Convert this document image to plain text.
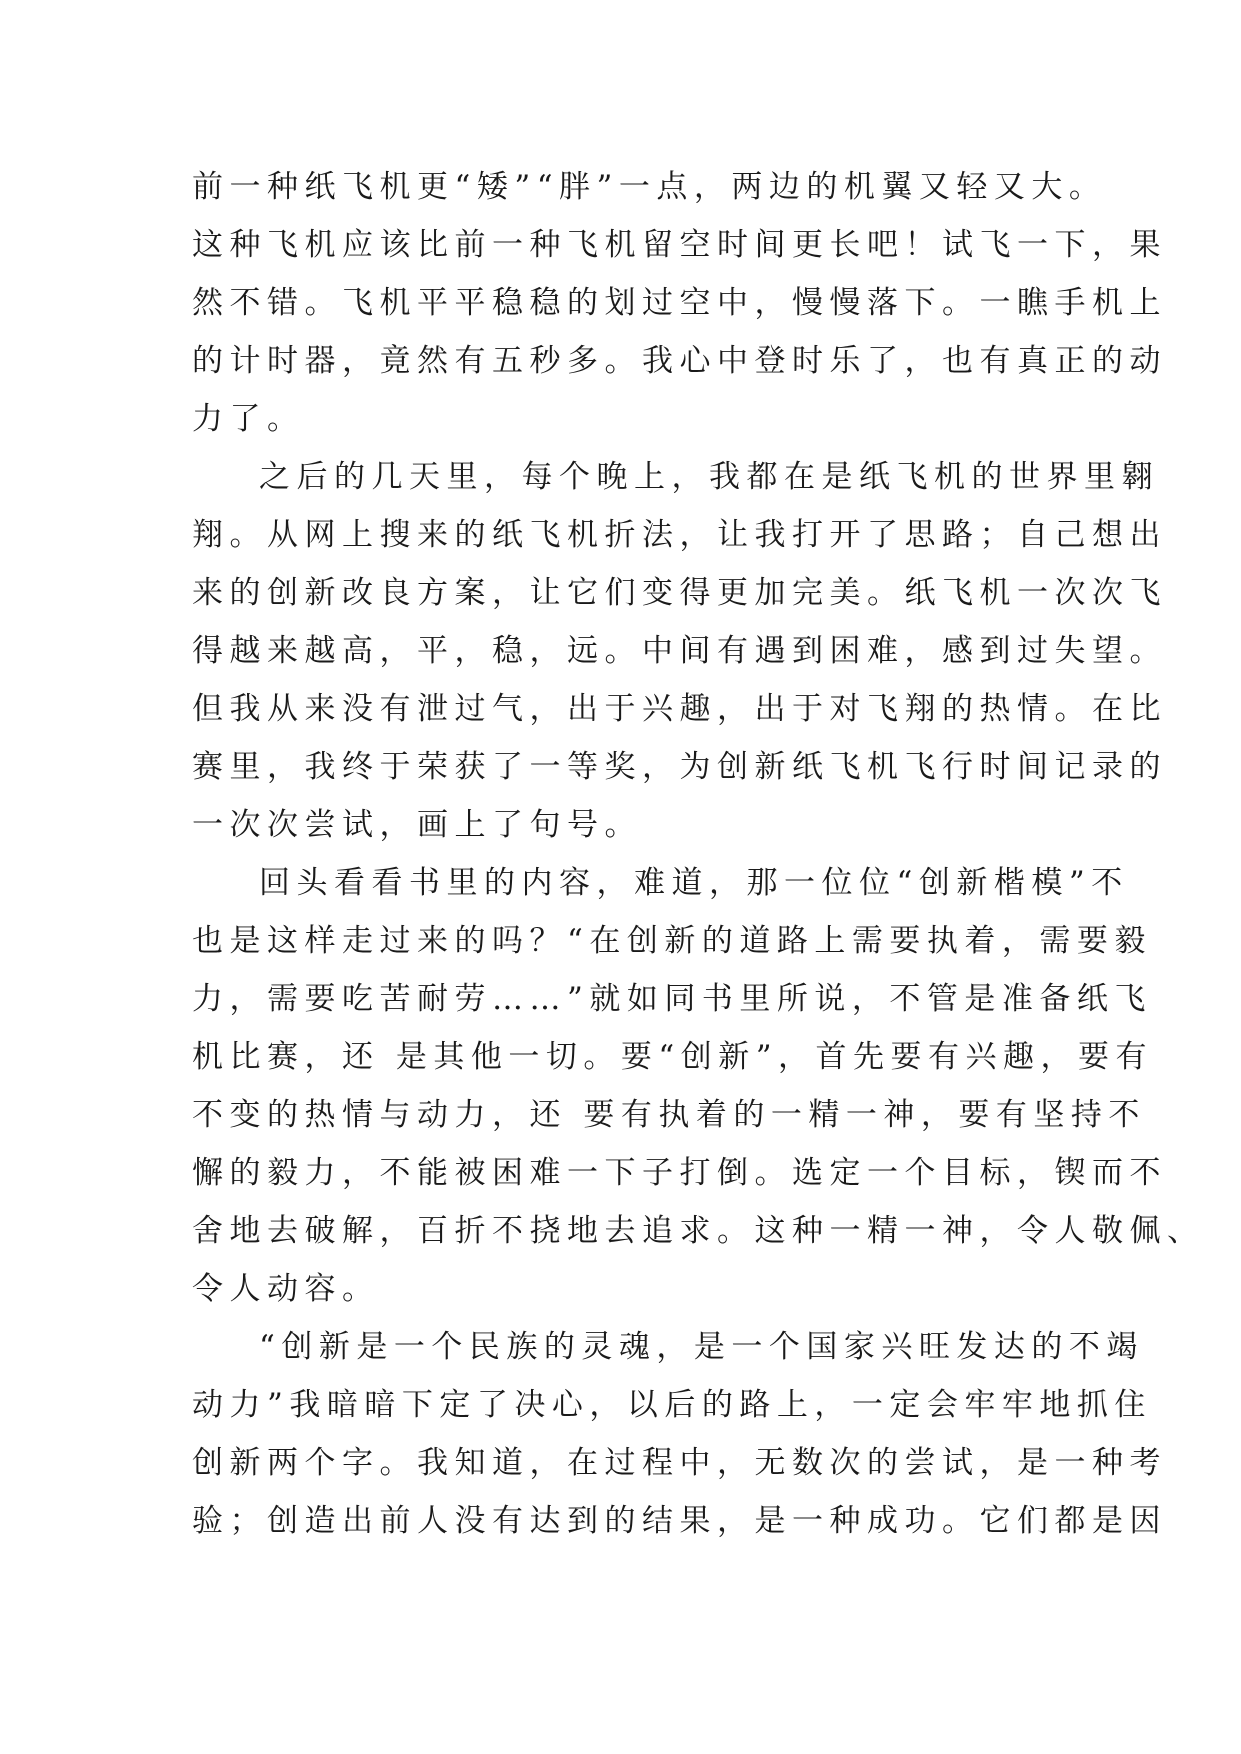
前一种纸飞机更“矮”“胖”一点，两边的机翼又轻又大。

这种飞机应该比前一种飞机留空时间更长吧！试飞一下，果

然不错。飞机平平稳稳的划过空中，慢慢落下。一瞧手机上

的计时器，竟然有五秒多。我心中登时乐了，也有真正的动

力了。

之后的几天里，每个晚上，我都在是纸飞机的世界里翱

翔。从网上搜来的纸飞机折法，让我打开了思路；自己想出

来的创新改良方案，让它们变得更加完美。纸飞机一次次飞

得越来越高，平，稳，远。中间有遇到困难，感到过失望。

但我从来没有泄过气，出于兴趣，出于对飞翔的热情。在比

赛里，我终于荣获了一等奖，为创新纸飞机飞行时间记录的

一次次尝试，画上了句号。

回头看看书里的内容，难道，那一位位“创新楷模”不

也是这样走过来的吗？“在创新的道路上需要执着，需要毅

力，需要吃苦耐劳……”就如同书里所说，不管是准备纸飞

机比赛，还 是其他一切。要“创新”，首先要有兴趣，要有

不变的热情与动力，还 要有执着的一精一神，要有坚持不

懈的毅力，不能被困难一下子打倒。选定一个目标，锲而不

舍地去破解，百折不挠地去追求。这种一精一神，令人敬佩、

令人动容。

“创新是一个民族的灵魂，是一个国家兴旺发达的不竭

动力”我暗暗下定了决心，以后的路上，一定会牢牢地抓住

创新两个字。我知道，在过程中，无数次的尝试，是一种考

验；创造出前人没有达到的结果，是一种成功。它们都是因
